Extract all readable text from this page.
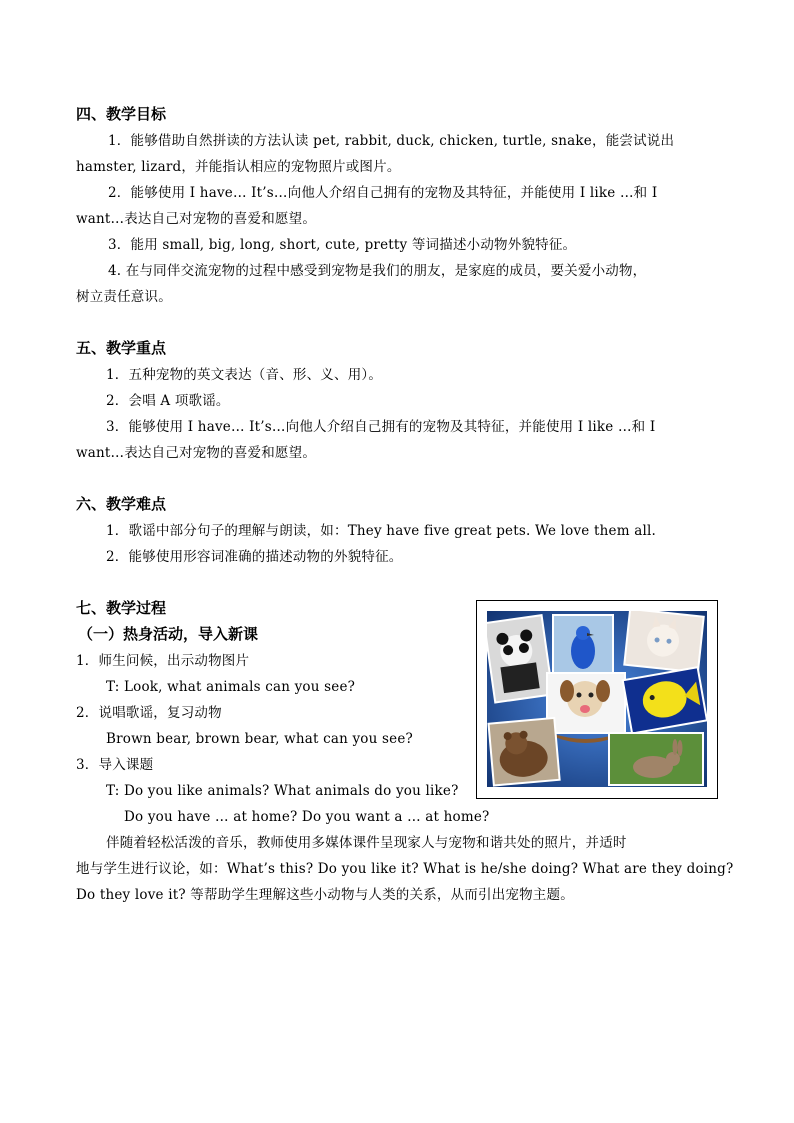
四、教学目标
1．能够借助自然拼读的方法认读 pet, rabbit, duck, chicken, turtle, snake，能尝试说出
hamster, lizard，并能指认相应的宠物照片或图片。
2．能够使用 I have… It’s…向他人介绍自己拥有的宠物及其特征，并能使用 I like …和 I
want…表达自己对宠物的喜爱和愿望。
3．能用 small, big, long, short, cute, pretty 等词描述小动物外貌特征。
4. 在与同伴交流宠物的过程中感受到宠物是我们的朋友，是家庭的成员，要关爱小动物，
树立责任意识。
五、教学重点
1．五种宠物的英文表达（音、形、义、用）。
2．会唱 A 项歌谣。
3．能够使用 I have… It’s…向他人介绍自己拥有的宠物及其特征，并能使用 I like …和 I
want…表达自己对宠物的喜爱和愿望。
六、教学难点
1．歌谣中部分句子的理解与朗读，如：They have five great pets. We love them all.
2．能够使用形容词准确的描述动物的外貌特征。
七、教学过程
（一）热身活动，导入新课
1．师生问候，出示动物图片
T: Look, what animals can you see?
2．说唱歌谣，复习动物
Brown bear, brown bear, what can you see?
3．导入课题
T: Do you like animals? What animals do you like?
Do you have … at home? Do you want a … at home?
伴随着轻松活泼的音乐，教师使用多媒体课件呈现家人与宠物和谐共处的照片，并适时
地与学生进行议论，如：What’s this? Do you like it? What is he/she doing? What are they doing?
Do they love it? 等帮助学生理解这些小动物与人类的关系，从而引出宠物主题。
